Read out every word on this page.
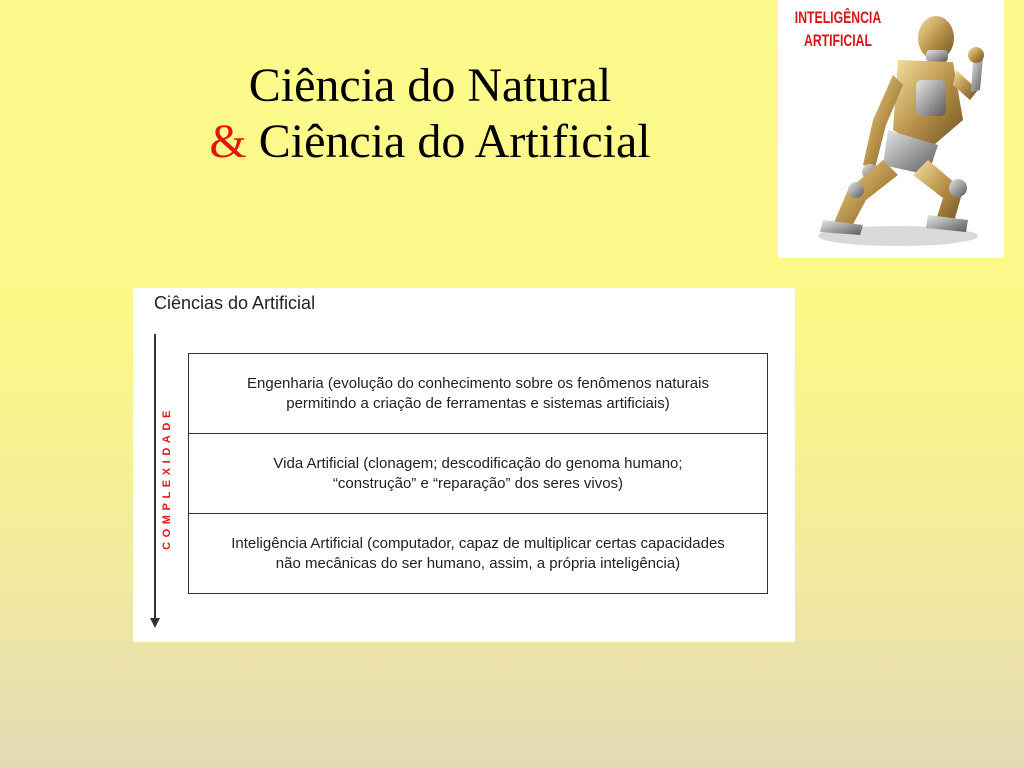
Ciência do Natural
& Ciência do Artificial
INTELIGÊNCIA
ARTIFICIAL
Ciências do Artificial
COMPLEXIDADE
Engenharia (evolução do conhecimento sobre os fenômenos naturais
permitindo a criação de ferramentas e sistemas artificiais)
Vida Artificial (clonagem; descodificação do genoma humano;
“construção” e “reparação” dos seres vivos)
Inteligência Artificial (computador, capaz de multiplicar certas capacidades
não mecânicas do ser humano, assim, a própria inteligência)
